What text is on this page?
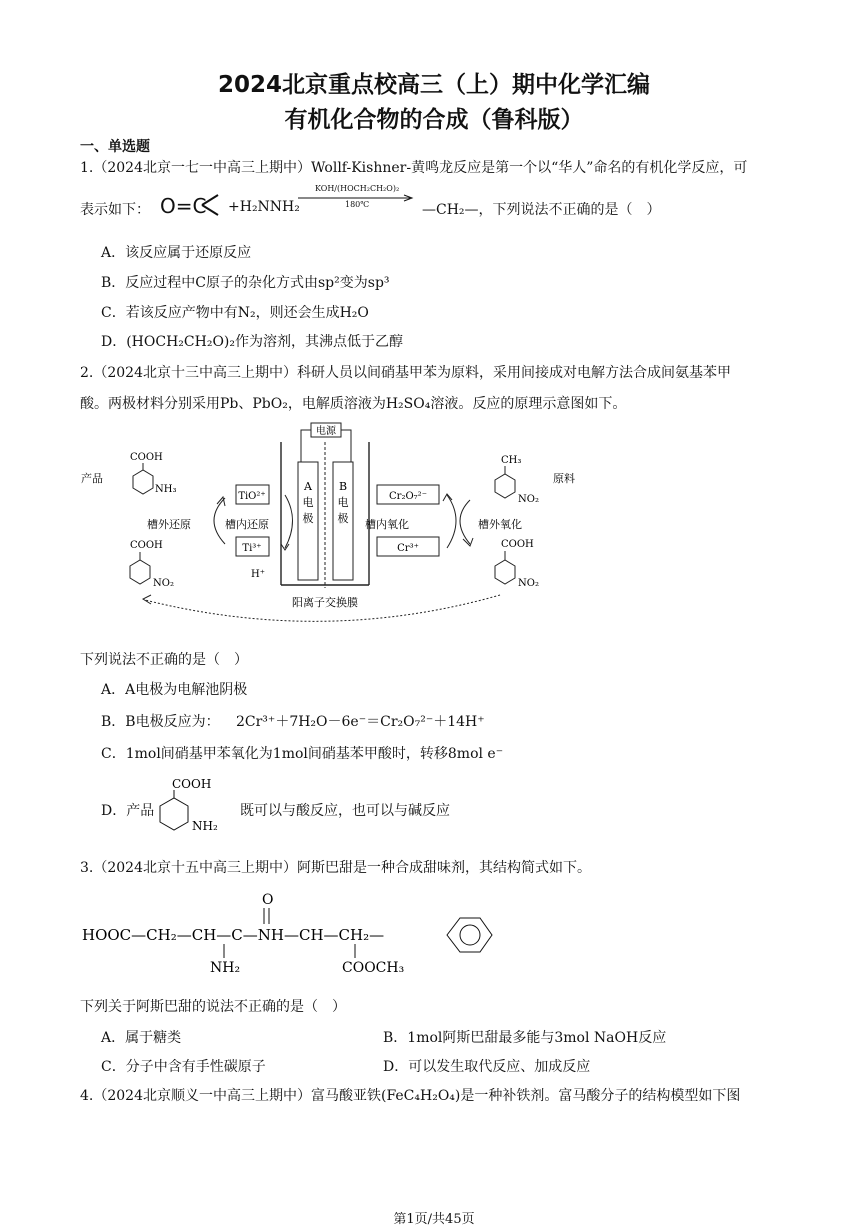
2024北京重点校高三（上）期中化学汇编
有机化合物的合成（鲁科版）
一、单选题
1.（2024北京一七一中高三上期中）Wollf-Kishner-黄鸣龙反应是第一个以“华人”命名的有机化学反应，可
表示如下： O=C +H₂NNH₂
KOH/(HOCH₂CH₂O)₂
180℃	—CH₂—，下列说法不正确的是（　）
A．该反应属于还原反应
B．反应过程中C原子的杂化方式由sp²变为sp³
C．若该反应产物中有N₂，则还会生成H₂O
D．(HOCH₂CH₂O)₂作为溶剂，其沸点低于乙醇
2.（2024北京十三中高三上期中）科研人员以间硝基甲苯为原料，采用间接成对电解方法合成间氨基苯甲
酸。两极材料分别采用Pb、PbO₂，电解质溶液为H₂SO₄溶液。反应的原理示意图如下。
电源
A
电
极
B
电
极
阳离子交换膜
TiO²⁺
Ti³⁺
槽内还原
H⁺
槽外还原
产品
COOH
NH₃
COOH
NO₂
Cr₂O₇²⁻
Cr³⁺
槽内氧化	槽外氧化
CH₃
NO₂
原料
COOH
NO₂
下列说法不正确的是（　）
A．A电极为电解池阴极
B．B电极反应为： 2Cr³⁺＋7H₂O－6e⁻＝Cr₂O₇²⁻＋14H⁺
C．1mol间硝基甲苯氧化为1mol间硝基苯甲酸时，转移8mol e⁻
D．产品
COOH
NH₂
既可以与酸反应，也可以与碱反应
3.（2024北京十五中高三上期中）阿斯巴甜是一种合成甜味剂，其结构简式如下。
O
HOOC—CH₂—CH—C—NH—CH—CH₂—
NH₂	COOCH₃
下列关于阿斯巴甜的说法不正确的是（　）
A．属于糖类	B．1mol阿斯巴甜最多能与3mol NaOH反应
C．分子中含有手性碳原子	D．可以发生取代反应、加成反应
4.（2024北京顺义一中高三上期中）富马酸亚铁(FeC₄H₂O₄)是一种补铁剂。富马酸分子的结构模型如下图
第1页/共45页
